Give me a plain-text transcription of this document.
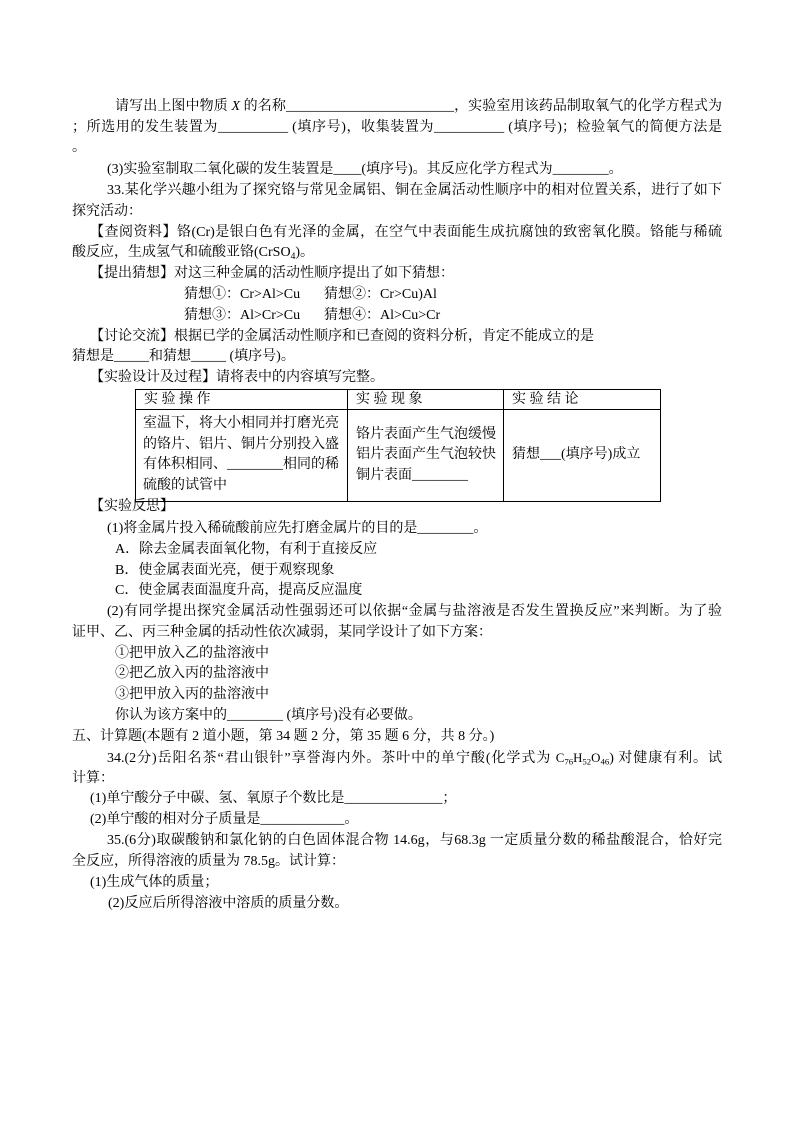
请写出上图中物质 X 的名称________________________，实验室用该药品制取氧气的化学方程式为
；所选用的发生装置为__________ (填序号)，收集装置为__________ (填序号)；检验氧气的简便方法是
。
(3)实验室制取二氧化碳的发生装置是____(填序号)。其反应化学方程式为________。
33.某化学兴趣小组为了探究铬与常见金属铝、铜在金属活动性顺序中的相对位置关系，进行了如下
探究活动：
【查阅资料】铬(Cr)是银白色有光泽的金属，在空气中表面能生成抗腐蚀的致密氧化膜。铬能与稀硫
酸反应，生成氢气和硫酸亚铬(CrSO$_4$)。
【提出猜想】对这三种金属的活动性顺序提出了如下猜想：
猜想①：Cr>Al>Cu 猜想②：Cr>Cu)Al
猜想③：Al>Cr>Cu 猜想④：Al>Cu>Cr
【讨论交流】根据已学的金属活动性顺序和已查阅的资料分析，肯定不能成立的是
猜想是_____和猜想_____ (填序号)。
【实验设计及过程】请将表中的内容填写完整。
实 验 操 作	实 验 现 象	实 验 结 论

室温下，将大小相同并打磨光亮
的铬片、铝片、铜片分别投入盛
有体积相同、________相同的稀
硫酸的试管中	铬片表面产生气泡缓慢
铝片表面产生气泡较快
铜片表面________	猜想___(填序号)成立
【实验反思】
(1)将金属片投入稀硫酸前应先打磨金属片的目的是________。
A．除去金属表面氧化物，有利于直接反应
B．使金属表面光亮，便于观察现象
C．使金属表面温度升高，提高反应温度
(2)有同学提出探究金属活动性强弱还可以依据“金属与盐溶液是否发生置换反应”来判断。为了验
证甲、乙、丙三种金属的括动性依次减弱，某同学设计了如下方案：
①把甲放入乙的盐溶液中
②把乙放入丙的盐溶液中
③把甲放入丙的盐溶液中
你认为该方案中的________ (填序号)没有必要做。
五、计算题(本题有 2 道小题，第 34 题 2 分，第 35 题 6 分，共 8 分。)
34.(2分)岳阳名茶“君山银针”享誉海内外。茶叶中的单宁酸(化学式为 $C_{76}H_{52}O_{46}$) 对健康有利。试
计算：
(1)单宁酸分子中碳、氢、氧原子个数比是______________；
(2)单宁酸的相对分子质量是____________。
35.(6分)取碳酸钠和氯化钠的白色固体混合物 14.6g，与68.3g 一定质量分数的稀盐酸混合，恰好完
全反应，所得溶液的质量为 78.5g。试计算：
(1)生成气体的质量；
(2)反应后所得溶液中溶质的质量分数。
